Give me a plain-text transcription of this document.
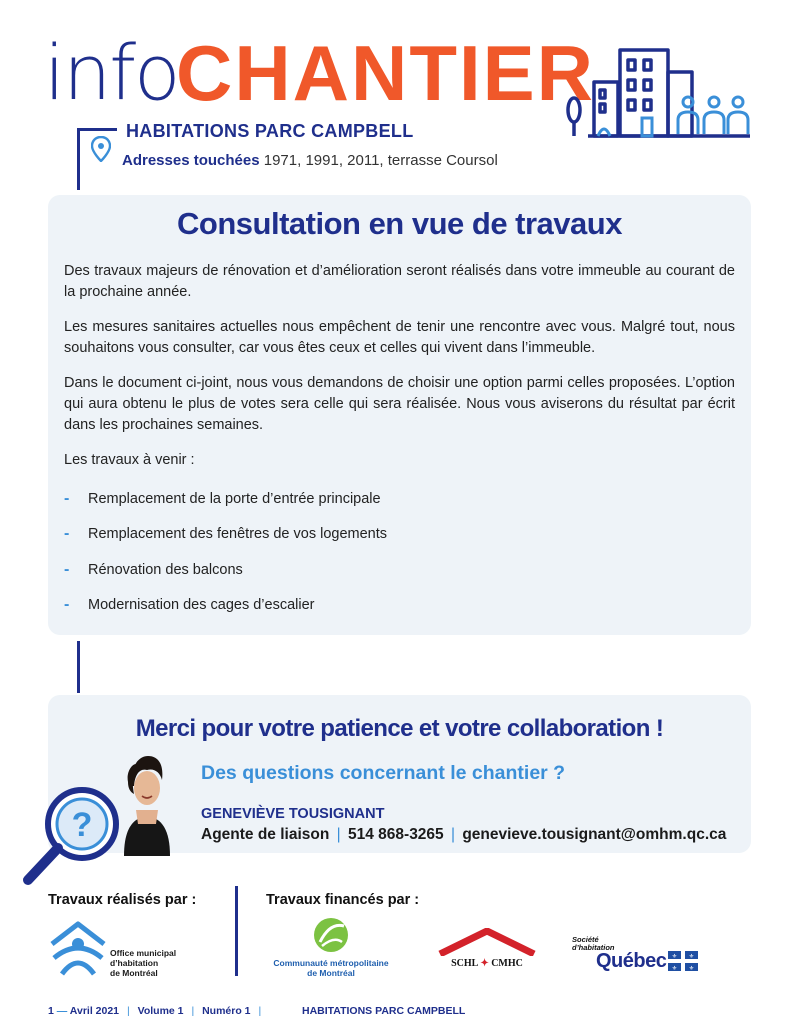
info
CHANTIER
HABITATIONS PARC CAMPBELL
Adresses touchées 1971, 1991, 2011, terrasse Coursol
Consultation en vue de travaux

Des travaux majeurs de rénovation et d’amélioration seront réalisés dans votre immeuble au courant de la prochaine année.

Les mesures sanitaires actuelles nous empêchent de tenir une rencontre avec vous. Malgré tout, nous souhaitons vous consulter, car vous êtes ceux et celles qui vivent dans l’immeuble.

Dans le document ci-joint, nous vous demandons de choisir une option parmi celles proposées. L’option qui aura obtenu le plus de votes sera celle qui sera réalisée. Nous vous aviserons du résultat par écrit dans les prochaines semaines.

Les travaux à venir :

-	Remplacement de la porte d’entrée principale
-	Remplacement des fenêtres de vos logements
-	Rénovation des balcons
-	Modernisation des cages d’escalier
Merci pour votre patience et votre collaboration !
Des questions concernant le chantier ?
GENEVIÈVE TOUSIGNANT
Agente de liaison | 514 868-3265 | genevieve.tousignant@omhm.qc.ca
?
Travaux réalisés par :	Travaux financés par :
Office municipal
d’habitation
de Montréal
Communauté métropolitaine
de Montréal
SCHL ✦ CMHC
Société
d’habitation
Québec ⚜ ⚜
⚜ ⚜
1 — Avril 2021 | Volume 1 | Numéro 1 |	HABITATIONS PARC CAMPBELL
